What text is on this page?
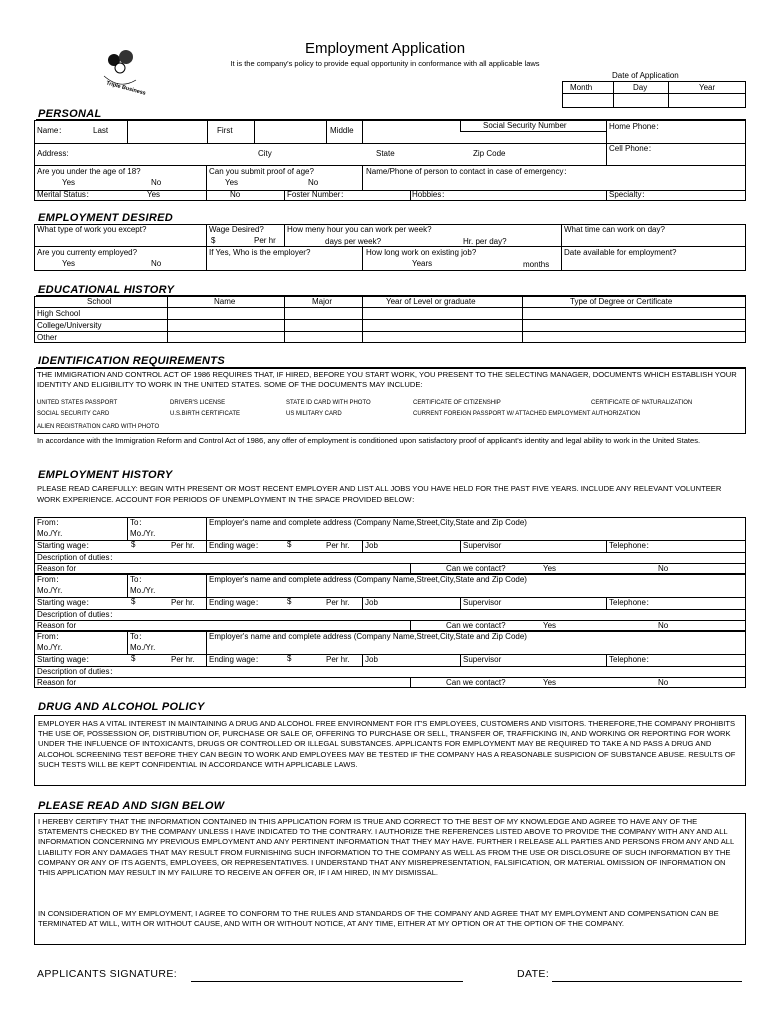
Employment Application
It is the company's policy to provide equal opportunity in conformance with all applicable laws
Triple Business
Date of Application
Month	Day	Year
PERSONAL
Name：	Last	First	Middle
Social Security Number	Home Phone：
Cell Phone：
Address:	City	State	Zip Code
Are you under the age of 18?
Yes	No
Can you submit proof of age?
Yes	No
Name/Phone of person to contact in case of emergency：
Merital Status：	Yes	No	Foster Number：	Hobbies：	Specialty：
EMPLOYMENT DESIRED
What type of work you except?	Wage Desired?
$	Per hr
How meny hour you can work per week?
days per week?	Hr. per day?
What time can work on day?
Are you currenty employed?
Yes	No
If Yes, Who is the employer?	How long work on existing job?
Years	months
Date available for employment?
EDUCATIONAL HISTORY
School	Name	Major	Year of Level or graduate	Type of Degree or Certificate
High School
College/University
Other
IDENTIFICATION REQUIREMENTS
THE IMMIGRATION AND CONTROL ACT OF 1986 REQUIRES THAT, IF HIRED, BEFORE YOU START WORK, YOU PRESENT TO THE SELECTING MANAGER, DOCUMENTS WHICH ESTABLISH YOUR IDENTITY AND ELIGIBILITY TO WORK IN THE UNITED STATES. SOME OF THE DOCUMENTS MAY INCLUDE:
UNITED STATES PASSPORT	DRIVER'S LICENSE	STATE ID CARD WITH PHOTO	CERTIFICATE OF CITIZENSHIP	CERTIFICATE OF NATURALIZATION
SOCIAL SECURITY CARD	U.S.BIRTH CERTIFICATE	US MILITARY CARD	CURRENT FOREIGN PASSPORT W/ ATTACHED EMPLOYMENT AUTHORIZATION
ALIEN REGISTRATION CARD WITH PHOTO
In accordance with the Immigration Reform and Control Act of 1986, any offer of employment is conditioned upon satisfactory proof of applicant's identity and legal ability to work in the United States.
EMPLOYMENT HISTORY
PLEASE READ CAREFULLY: BEGIN WITH PRESENT OR MOST RECENT EMPLOYER AND LIST ALL JOBS YOU HAVE HELD FOR THE PAST FIVE YEARS. INCLUDE ANY RELEVANT VOLUNTEER WORK EXPERIENCE. ACCOUNT FOR PERIODS OF UNEMPLOYMENT IN THE SPACE PROVIDED BELOW：
From：
Mo./Yr.
To：
Mo./Yr.
Employer's name and complete address (Company Name,Street,City,State and Zip Code)
Starting wage：	$	Per hr. Ending wage：	$	Per hr. Job	Supervisor	Telephone：
Description of duties：
Reason for	Can we contact?	Yes	No
From：
Mo./Yr.
To：
Mo./Yr.
Employer's name and complete address (Company Name,Street,City,State and Zip Code)
Starting wage：	$	Per hr. Ending wage：	$	Per hr. Job	Supervisor	Telephone：
Description of duties：
Reason for	Can we contact?	Yes	No
From：
Mo./Yr.
To：
Mo./Yr.
Employer's name and complete address (Company Name,Street,City,State and Zip Code)
Starting wage：	$	Per hr. Ending wage：	$	Per hr. Job	Supervisor	Telephone：
Description of duties：
Reason for	Can we contact?	Yes	No
DRUG AND ALCOHOL POLICY
EMPLOYER HAS A VITAL INTEREST IN MAINTAINING A DRUG AND ALCOHOL FREE ENVIRONMENT FOR IT'S EMPLOYEES, CUSTOMERS AND VISITORS. THEREFORE,THE COMPANY PROHIBITS THE USE OF, POSSESSION OF, DISTRIBUTION OF, PURCHASE OR SALE OF, OFFERING TO PURCHASE OR SELL, TRANSFER OF, TRAFFICKING IN, AND WORKING OR REPORTING FOR WORK UNDER THE INFLUENCE OF INTOXICANTS, DRUGS OR CONTROLLED OR ILLEGAL SUBSTANCES. APPLICANTS FOR EMPLOYMENT MAY BE REQUIRED TO TAKE A ND PASS A DRUG AND ALCOHOL SCREENING TEST BEFORE THEY CAN BEGIN TO WORK AND EMPLOYEES MAY BE TESTED IF THE COMPANY HAS A REASONABLE SUSPICION OF SUBSTANCE ABUSE. RESULTS OF SUCH TESTS WILL BE KEPT CONFIDENTIAL IN ACCORDANCE WITH APPLICABLE LAWS.
PLEASE READ AND SIGN BELOW
I HEREBY CERTIFY THAT THE INFORMATION CONTAINED IN THIS APPLICATION FORM IS TRUE AND CORRECT TO THE BEST OF MY KNOWLEDGE AND AGREE TO HAVE ANY OF THE STATEMENTS CHECKED BY THE COMPANY UNLESS I HAVE INDICATED TO THE CONTRARY. I AUTHORIZE THE REFERENCES LISTED ABOVE TO PROVIDE THE COMPANY WITH ANY AND ALL INFORMATION CONCERNING MY PREVIOUS EMPLOYMENT AND ANY PERTINENT INFORMATION THAT THEY MAY HAVE. FURTHER I RELEASE ALL PARTIES AND PERSONS FROM ANY AND ALL LIABILITY FOR ANY DAMAGES THAT MAY RESULT FROM FURNISHING SUCH INFORMATION TO THE COMPANY AS WELL AS FROM THE USE OR DISCLOSURE OF SUCH INFORMATION BY THE COMPANY OR ANY OF ITS AGENTS, EMPLOYEES, OR REPRESENTATIVES. I UNDERSTAND THAT ANY MISREPRESENTATION, FALSIFICATION, OR MATERIAL OMISSION OF INFORMATION ON THIS APPLICATION MAY RESULT IN MY FAILURE TO RECEIVE AN OFFER OR, IF I AM HIRED, IN MY DISMISSAL.
IN CONSIDERATION OF MY EMPLOYMENT, I AGREE TO CONFORM TO THE RULES AND STANDARDS OF THE COMPANY AND AGREE THAT MY EMPLOYMENT AND COMPENSATION CAN BE TERMINATED AT WILL, WITH OR WITHOUT CAUSE, AND WITH OR WITHOUT NOTICE, AT ANY TIME, EITHER AT MY OPTION OR AT THE OPTION OF THE COMPANY.
APPLICANTS SIGNATURE:	DATE:
